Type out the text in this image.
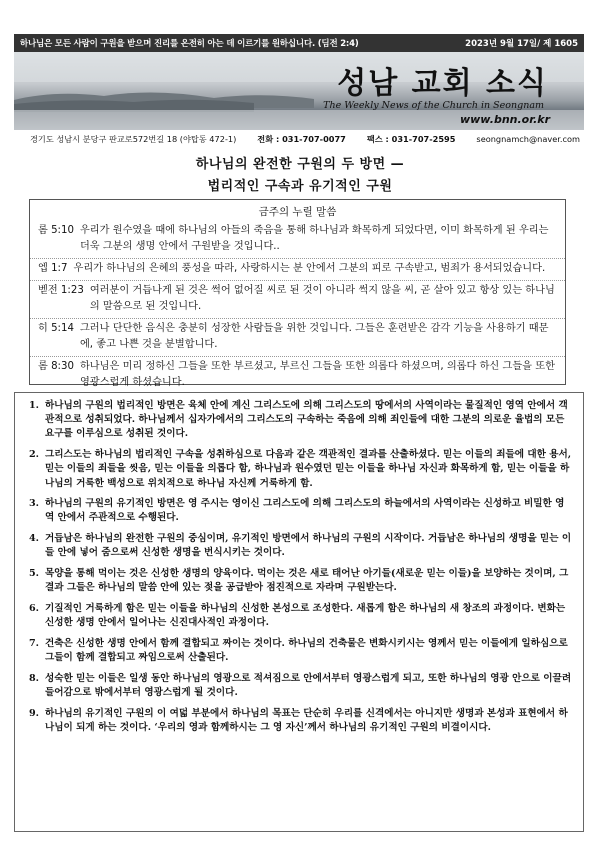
하나님은 모든 사람이 구원을 받으며 진리를 온전히 아는 데 이르기를 원하십니다. (딤전 2:4)	2023년 9월 17일/ 제 1605
성남 교회 소식
The Weekly News of the Church in Seongnam
www.bnn.or.kr
경기도 성남시 분당구 판교로572번길 18 (야탑동 472-1)	전화 : 031-707-0077	팩스 : 031-707-2595	seongnamch@naver.com
하나님의 완전한 구원의 두 방면 —
법리적인 구속과 유기적인 구원
금주의 누릴 말씀
롬 5:10 우리가 원수였을 때에 하나님의 아들의 죽음을 통해 하나님과 화목하게 되었다면, 이미 화목하게 된 우리는 더욱 그분의 생명 안에서 구원받을 것입니다..
엡 1:7 우리가 하나님의 은혜의 풍성을 따라, 사랑하시는 분 안에서 그분의 피로 구속받고, 범죄가 용서되었습니다.
벧전 1:23 여러분이 거듭나게 된 것은 썩어 없어질 씨로 된 것이 아니라 썩지 않을 씨, 곧 살아 있고 항상 있는 하나님의 말씀으로 된 것입니다.
히 5:14 그러나 단단한 음식은 충분히 성장한 사람들을 위한 것입니다. 그들은 훈련받은 감각 기능을 사용하기 때문에, 좋고 나쁜 것을 분별합니다.
롬 8:30 하나님은 미리 정하신 그들을 또한 부르셨고, 부르신 그들을 또한 의롭다 하셨으며, 의롭다 하신 그들을 또한 영광스럽게 하셨습니다.
1. 하나님의 구원의 법리적인 방면은 육체 안에 계신 그리스도에 의해 그리스도의 땅에서의 사역이라는 물질적인 영역 안에서 객관적으로 성취되었다. 하나님께서 십자가에서의 그리스도의 구속하는 죽음에 의해 죄인들에 대한 그분의 의로운 율법의 모든 요구를 이루심으로 성취된 것이다.
2. 그리스도는 하나님의 법리적인 구속을 성취하심으로 다음과 같은 객관적인 결과를 산출하셨다. 믿는 이들의 죄들에 대한 용서, 믿는 이들의 죄들을 씻음, 믿는 이들을 의롭다 함, 하나님과 원수였던 믿는 이들을 하나님 자신과 화목하게 함, 믿는 이들을 하나님의 거룩한 백성으로 위치적으로 하나님 자신께 거룩하게 함.
3. 하나님의 구원의 유기적인 방면은 영 주시는 영이신 그리스도에 의해 그리스도의 하늘에서의 사역이라는 신성하고 비밀한 영역 안에서 주관적으로 수행된다.
4. 거듭남은 하나님의 완전한 구원의 중심이며, 유기적인 방면에서 하나님의 구원의 시작이다. 거듭남은 하나님의 생명을 믿는 이들 안에 넣어 줌으로써 신성한 생명을 번식시키는 것이다.
5. 목양을 통해 먹이는 것은 신성한 생명의 양육이다. 먹이는 것은 새로 태어난 아기들(새로운 믿는 이들)을 보양하는 것이며, 그 결과 그들은 하나님의 말씀 안에 있는 젖을 공급받아 점진적으로 자라며 구원받는다.
6. 기질적인 거룩하게 함은 믿는 이들을 하나님의 신성한 본성으로 조성한다. 새롭게 함은 하나님의 새 창조의 과정이다. 변화는 신성한 생명 안에서 일어나는 신진대사적인 과정이다.
7. 건축은 신성한 생명 안에서 함께 결합되고 짜이는 것이다. 하나님의 건축물은 변화시키시는 영께서 믿는 이들에게 일하심으로 그들이 함께 결합되고 짜임으로써 산출된다.
8. 성숙한 믿는 이들은 일생 동안 하나님의 영광으로 적셔짐으로 안에서부터 영광스럽게 되고, 또한 하나님의 영광 안으로 이끌려 들어감으로 밖에서부터 영광스럽게 될 것이다.
9. 하나님의 유기적인 구원의 이 여덟 부분에서 하나님의 목표는 단순히 우리를 신격에서는 아니지만 생명과 본성과 표현에서 하나님이 되게 하는 것이다. ‘우리의 영과 함께하시는 그 영 자신’께서 하나님의 유기적인 구원의 비결이시다.
